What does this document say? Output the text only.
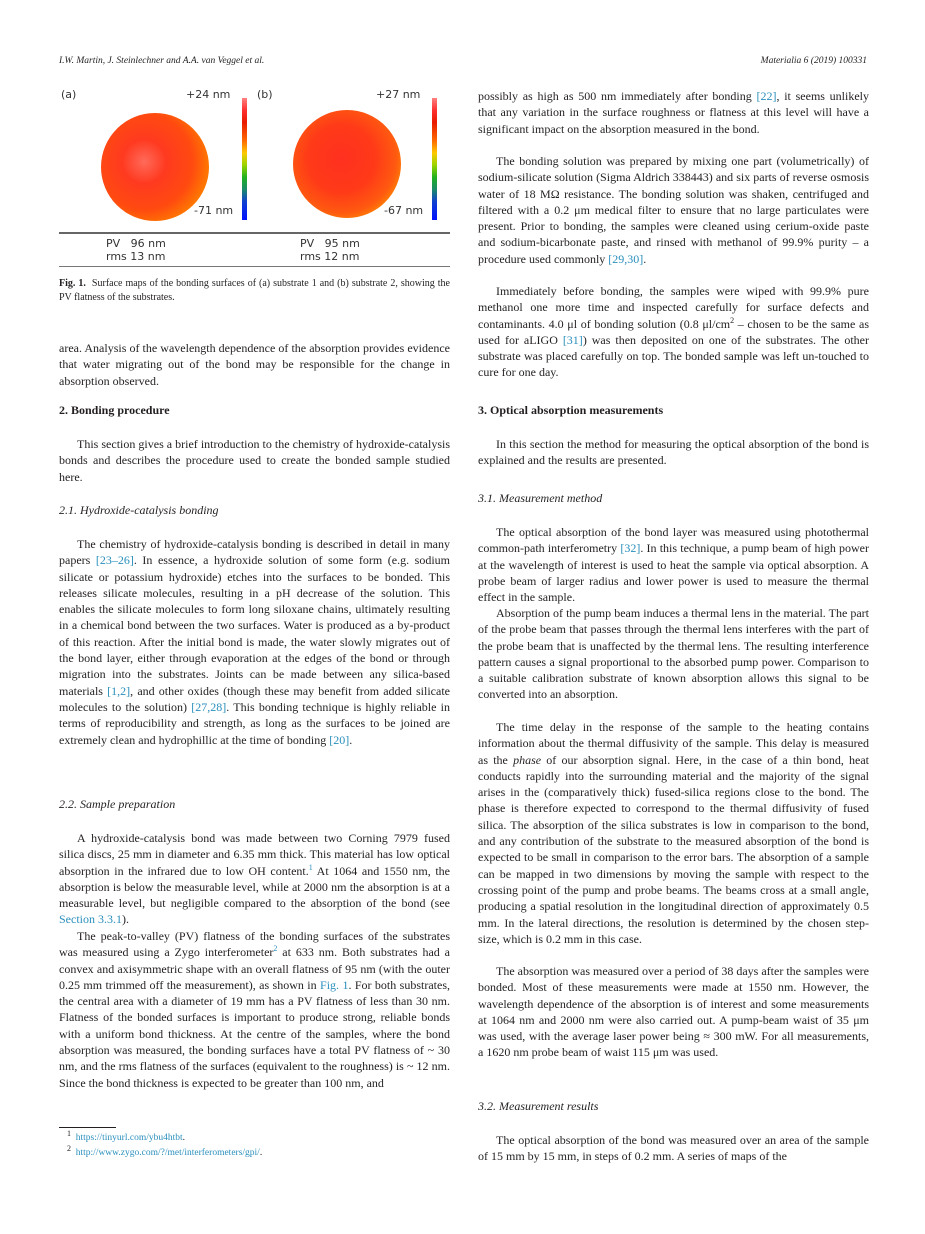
I.W. Martin, J. Steinlechner and A.A. van Veggel et al.	Materialia 6 (2019) 100331
(a)	+24 nm
-71 nm
(b)	+27 nm
-67 nm
PV   96 nm
rms 13 nm
PV   95 nm
rms 12 nm
Fig. 1. Surface maps of the bonding surfaces of (a) substrate 1 and (b) substrate 2, showing the PV flatness of the substrates.

area. Analysis of the wavelength dependence of the absorption provides evidence that water migrating out of the bond may be responsible for the change in absorption observed.

2. Bonding procedure

This section gives a brief introduction to the chemistry of hydroxide-catalysis bonds and describes the procedure used to create the bonded sample studied here.

2.1. Hydroxide-catalysis bonding

The chemistry of hydroxide-catalysis bonding is described in detail in many papers [23–26]. In essence, a hydroxide solution of some form (e.g. sodium silicate or potassium hydroxide) etches into the surfaces to be bonded. This releases silicate molecules, resulting in a pH decrease of the solution. This enables the silicate molecules to form long siloxane chains, ultimately resulting in a chemical bond between the two surfaces. Water is produced as a by-product of this reaction. After the initial bond is made, the water slowly migrates out of the bond layer, either through evaporation at the edges of the bond or through migration into the substrates. Joints can be made between any silica-based materials [1,2], and other oxides (though these may benefit from added silicate molecules to the solution) [27,28]. This bonding technique is highly reliable in terms of reproducibility and strength, as long as the surfaces to be joined are extremely clean and hydrophillic at the time of bonding [20].

2.2. Sample preparation

A hydroxide-catalysis bond was made between two Corning 7979 fused silica discs, 25 mm in diameter and 6.35 mm thick. This material has low optical absorption in the infrared due to low OH content.$^1$ At 1064 and 1550 nm, the absorption is below the measurable level, while at 2000 nm the absorption is at a measurable level, but negligible compared to the absorption of the bond (see Section 3.3.1).

The peak-to-valley (PV) flatness of the bonding surfaces of the substrates was measured using a Zygo interferometer$^2$ at 633 nm. Both substrates had a convex and axisymmetric shape with an overall flatness of 95 nm (with the outer 0.25 mm trimmed off the measurement), as shown in Fig. 1. For both substrates, the central area with a diameter of 19 mm has a PV flatness of less than 30 nm. Flatness of the bonded surfaces is important to produce strong, reliable bonds with a uniform bond thickness. At the centre of the samples, where the bond absorption was measured, the bonding surfaces have a total PV flatness of ~ 30 nm, and the rms flatness of the surfaces (equivalent to the roughness) is ~ 12 nm. Since the bond thickness is expected to be greater than 100 nm, and

$^1$ https://tinyurl.com/ybu4htbt.
$^2$ http://www.zygo.com/?/met/interferometers/gpi/.

possibly as high as 500 nm immediately after bonding [22], it seems unlikely that any variation in the surface roughness or flatness at this level will have a significant impact on the absorption measured in the bond.

The bonding solution was prepared by mixing one part (volumetrically) of sodium-silicate solution (Sigma Aldrich 338443) and six parts of reverse osmosis water of 18 MΩ resistance. The bonding solution was shaken, centrifuged and filtered with a 0.2 μm medical filter to ensure that no large particulates were present. Prior to bonding, the samples were cleaned using cerium-oxide paste and sodium-bicarbonate paste, and rinsed with methanol of 99.9% purity – a procedure used commonly [29,30].

Immediately before bonding, the samples were wiped with 99.9% pure methanol one more time and inspected carefully for surface defects and contaminants. 4.0 μl of bonding solution (0.8 $\mu l/cm^2$ – chosen to be the same as used for aLIGO [31]) was then deposited on one of the substrates. The other substrate was placed carefully on top. The bonded sample was left un-touched to cure for one day.

3. Optical absorption measurements

In this section the method for measuring the optical absorption of the bond is explained and the results are presented.

3.1. Measurement method

The optical absorption of the bond layer was measured using photothermal common-path interferometry [32]. In this technique, a pump beam of high power at the wavelength of interest is used to heat the sample via optical absorption. A probe beam of larger radius and lower power is used to measure the thermal effect in the sample.

Absorption of the pump beam induces a thermal lens in the material. The part of the probe beam that passes through the thermal lens interferes with the part of the probe beam that is unaffected by the thermal lens. The resulting interference pattern causes a signal proportional to the absorbed pump power. Comparison to a suitable calibration substrate of known absorption allows this signal to be converted into an absorption.

The time delay in the response of the sample to the heating contains information about the thermal diffusivity of the sample. This delay is measured as the phase of our absorption signal. Here, in the case of a thin bond, heat conducts rapidly into the surrounding material and the majority of the signal arises in the (comparatively thick) fused-silica regions close to the bond. The phase is therefore expected to correspond to the thermal diffusivity of fused silica. The absorption of the silica substrates is low in comparison to the bond, and any contribution of the substrate to the measured absorption of the bond is expected to be small in comparison to the error bars. The absorption of a sample can be mapped in two dimensions by moving the sample with respect to the crossing point of the pump and probe beams. The beams cross at a small angle, producing a spatial resolution in the longitudinal direction of approximately 0.5 mm. In the lateral directions, the resolution is determined by the chosen step-size, which is 0.2 mm in this case.

The absorption was measured over a period of 38 days after the samples were bonded. Most of these measurements were made at 1550 nm. However, the wavelength dependence of the absorption is of interest and some measurements at 1064 nm and 2000 nm were also carried out. A pump-beam waist of 35 μm was used, with the average laser power being ≈ 300 mW. For all measurements, a 1620 nm probe beam of waist 115 μm was used.

3.2. Measurement results

The optical absorption of the bond was measured over an area of the sample of 15 mm by 15 mm, in steps of 0.2 mm. A series of maps of the
